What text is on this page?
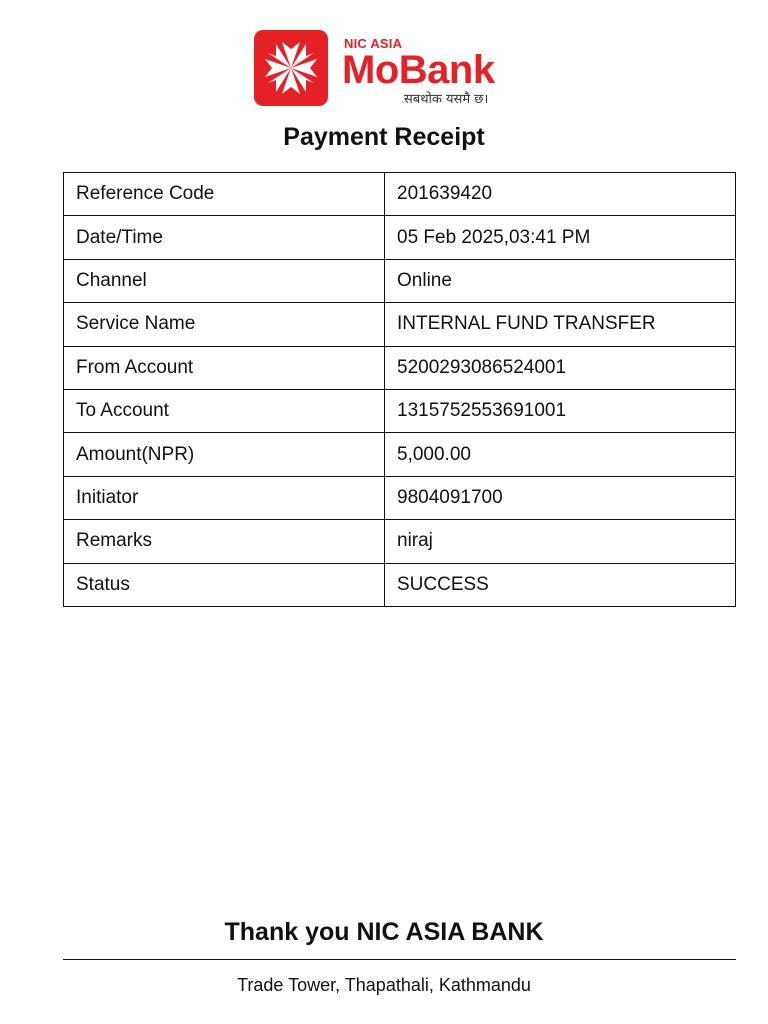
NIC ASIA
MoBank
सबथोक यसमै छ।
Payment Receipt
Reference Code	201639420
Date/Time	05 Feb 2025,03:41 PM
Channel	Online
Service Name	INTERNAL FUND TRANSFER
From Account	5200293086524001
To Account	1315752553691001
Amount(NPR)	5,000.00
Initiator	9804091700
Remarks	niraj
Status	SUCCESS
Thank you NIC ASIA BANK
Trade Tower, Thapathali, Kathmandu
